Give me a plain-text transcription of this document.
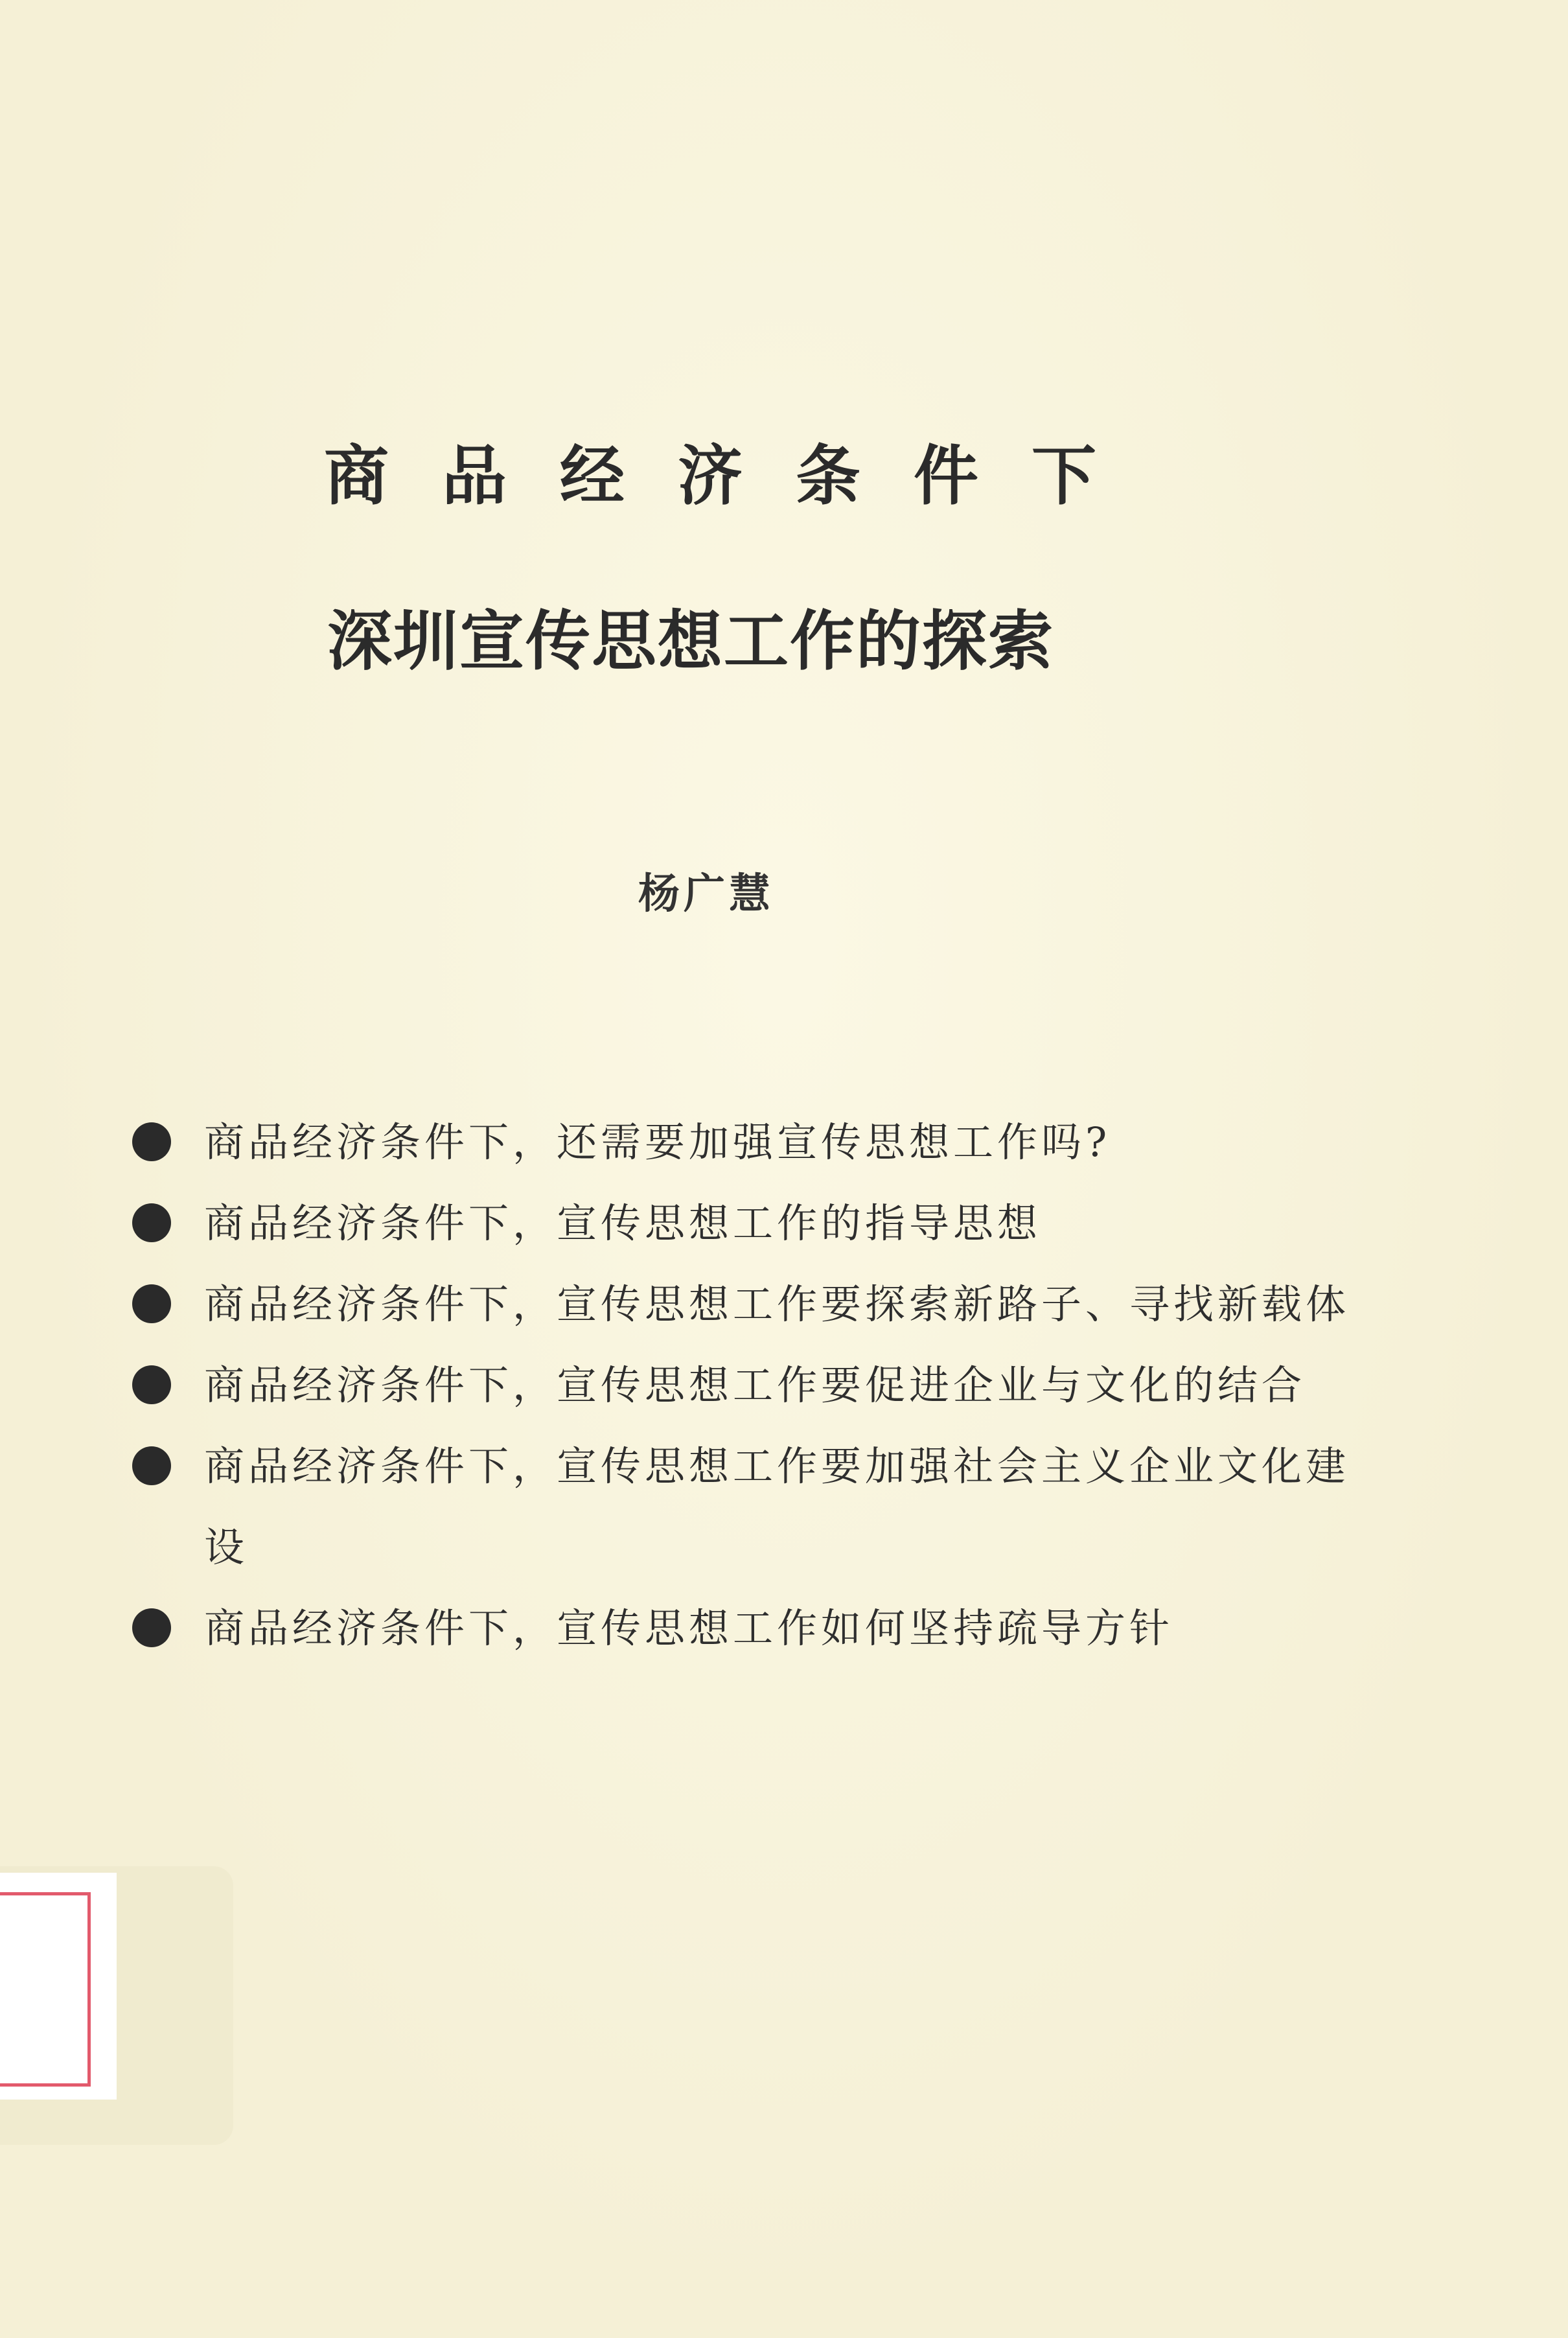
商品经济条件下
深圳宣传思想工作的探索
杨广慧
商品经济条件下，还需要加强宣传思想工作吗?
商品经济条件下，宣传思想工作的指导思想
商品经济条件下，宣传思想工作要探索新路子、寻找新载体
商品经济条件下，宣传思想工作要促进企业与文化的结合
商品经济条件下，宣传思想工作要加强社会主义企业文化建设
商品经济条件下，宣传思想工作如何坚持疏导方针
